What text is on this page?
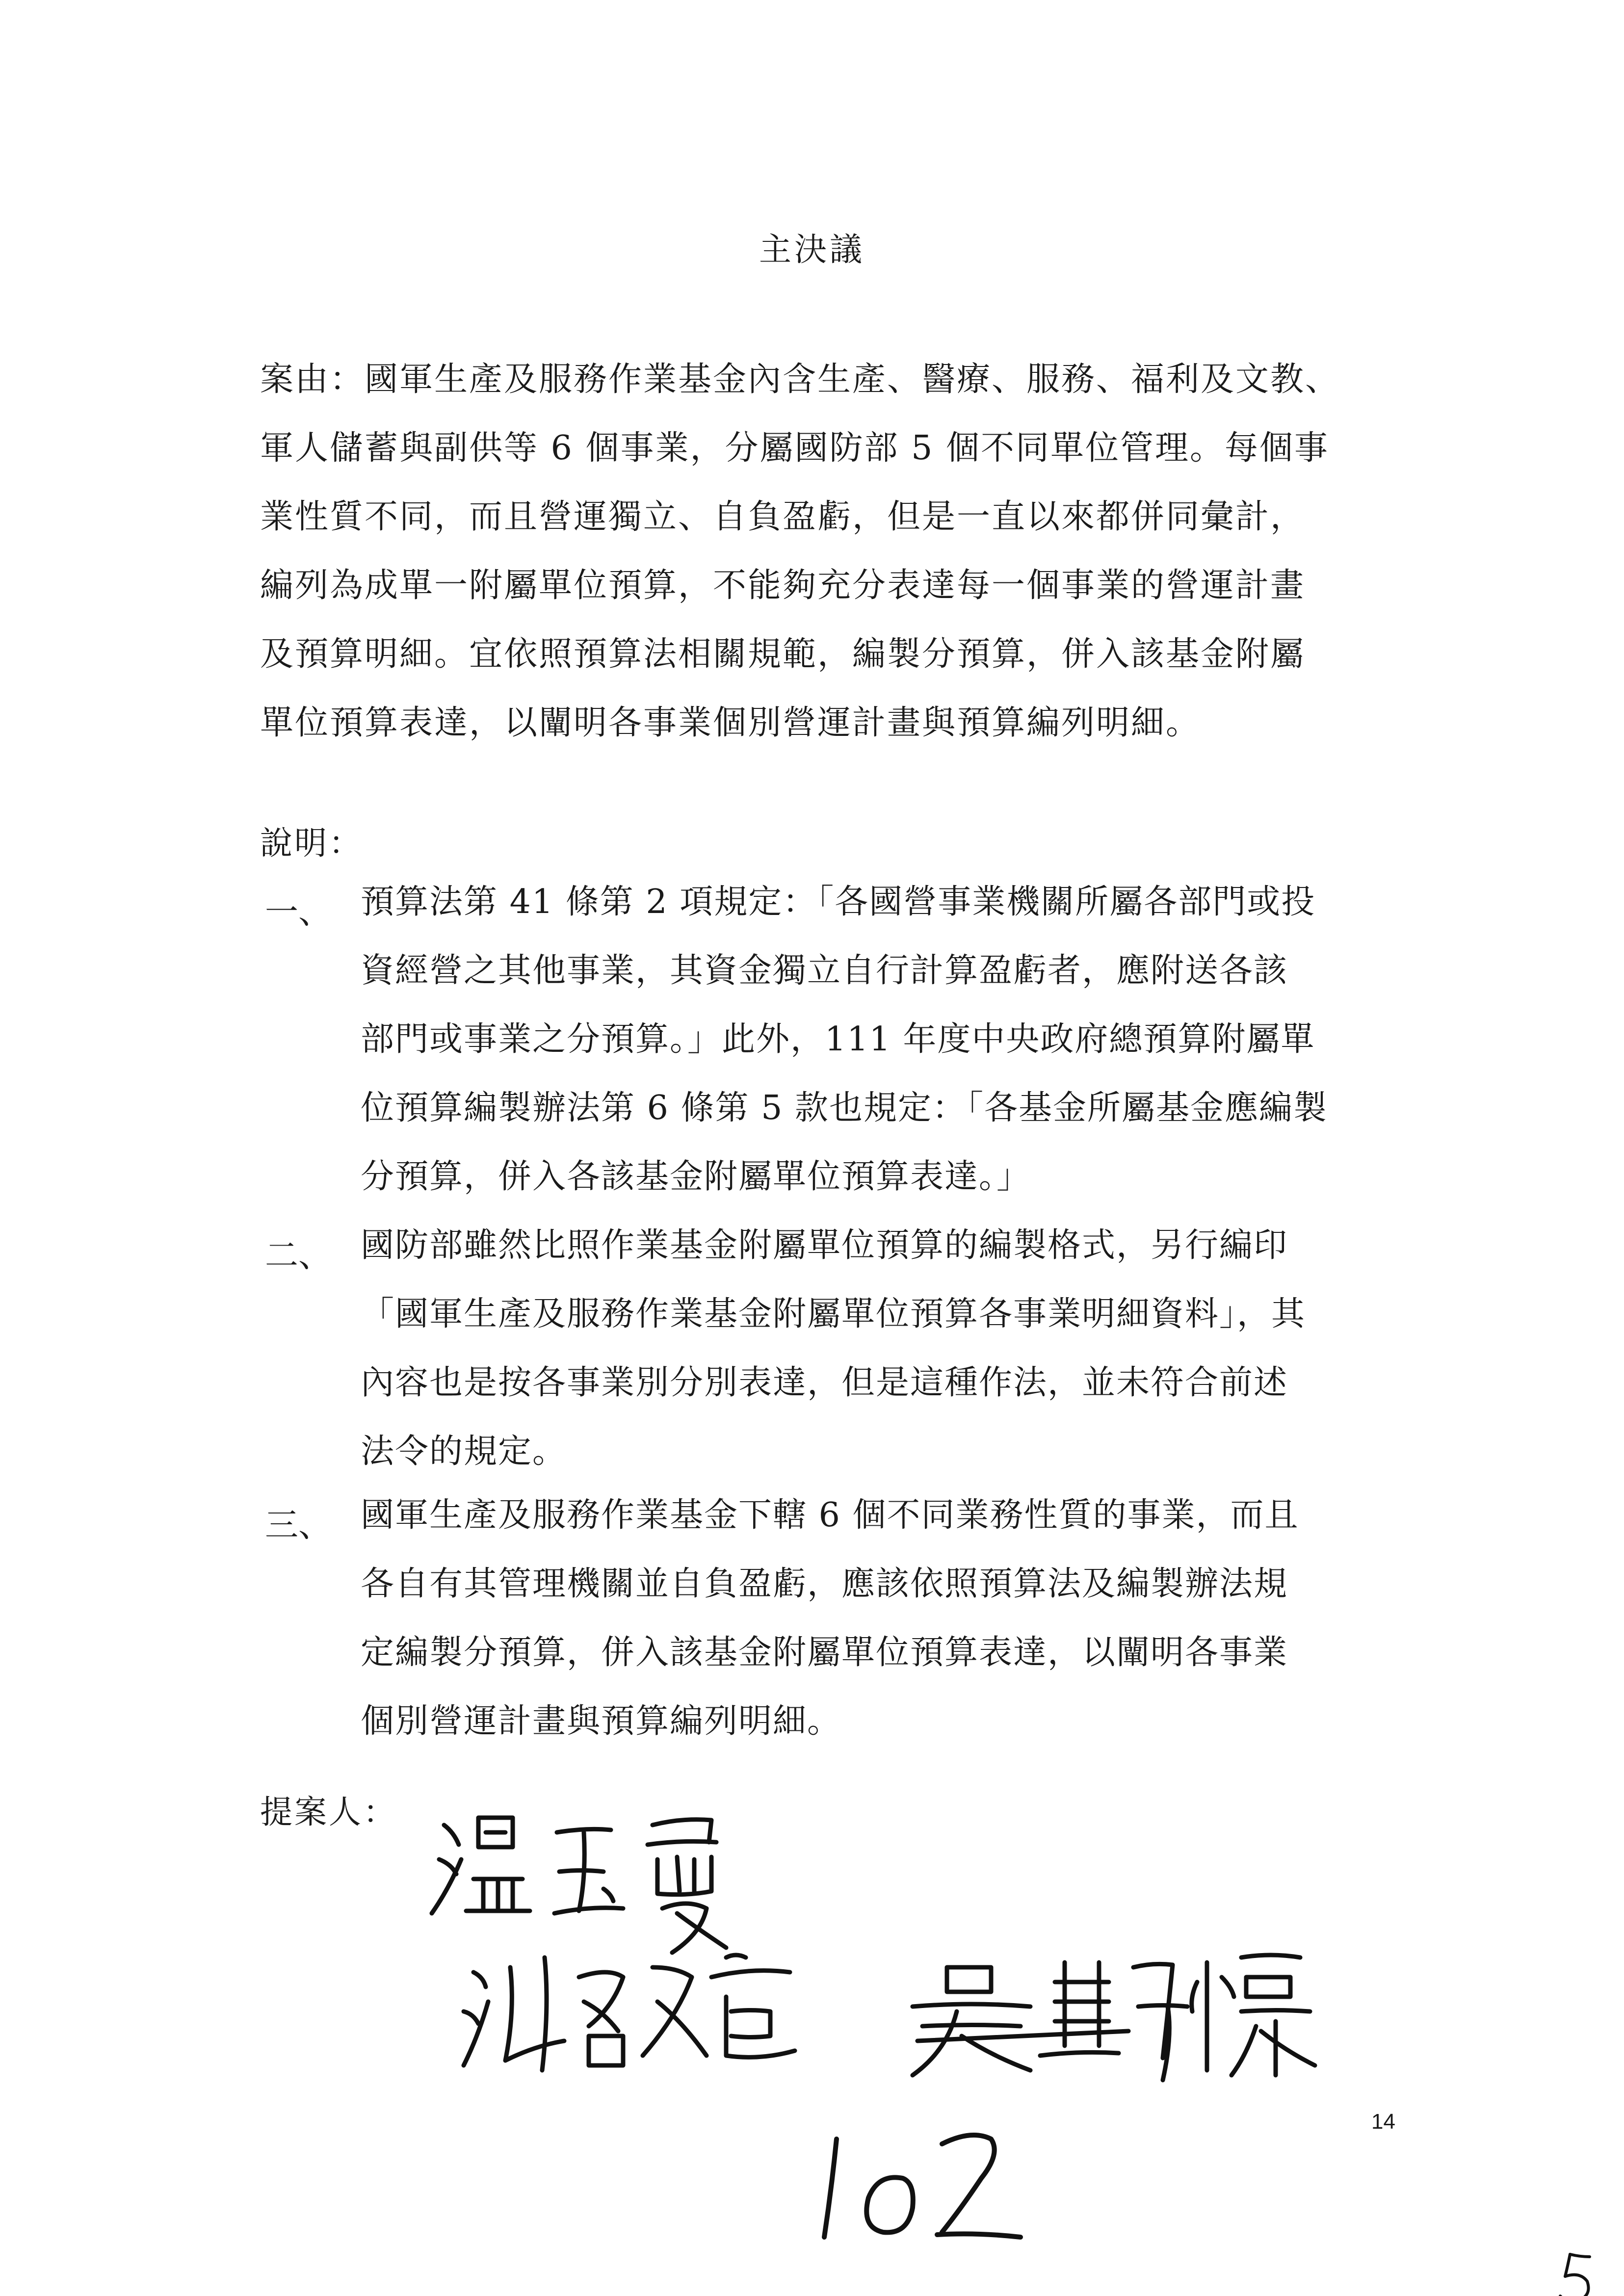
主決議
案由：國軍生產及服務作業基金內含生產、醫療、服務、福利及文教、
軍人儲蓄與副供等 6 個事業，分屬國防部 5 個不同單位管理。每個事
業性質不同，而且營運獨立、自負盈虧，但是一直以來都併同彙計，
編列為成單一附屬單位預算，不能夠充分表達每一個事業的營運計畫
及預算明細。宜依照預算法相關規範，編製分預算，併入該基金附屬
單位預算表達，以闡明各事業個別營運計畫與預算編列明細。
說明：
一、 預算法第 41 條第 2 項規定：「各國營事業機關所屬各部門或投
資經營之其他事業，其資金獨立自行計算盈虧者，應附送各該
部門或事業之分預算。」此外，111 年度中央政府總預算附屬單
位預算編製辦法第 6 條第 5 款也規定：「各基金所屬基金應編製
分預算，併入各該基金附屬單位預算表達。」
二、 國防部雖然比照作業基金附屬單位預算的編製格式，另行編印
「國軍生產及服務作業基金附屬單位預算各事業明細資料」，其
內容也是按各事業別分別表達，但是這種作法，並未符合前述
法令的規定。
三、 國軍生產及服務作業基金下轄 6 個不同業務性質的事業，而且
各自有其管理機關並自負盈虧，應該依照預算法及編製辦法規
定編製分預算，併入該基金附屬單位預算表達，以闡明各事業
個別營運計畫與預算編列明細。
提案人：
14
